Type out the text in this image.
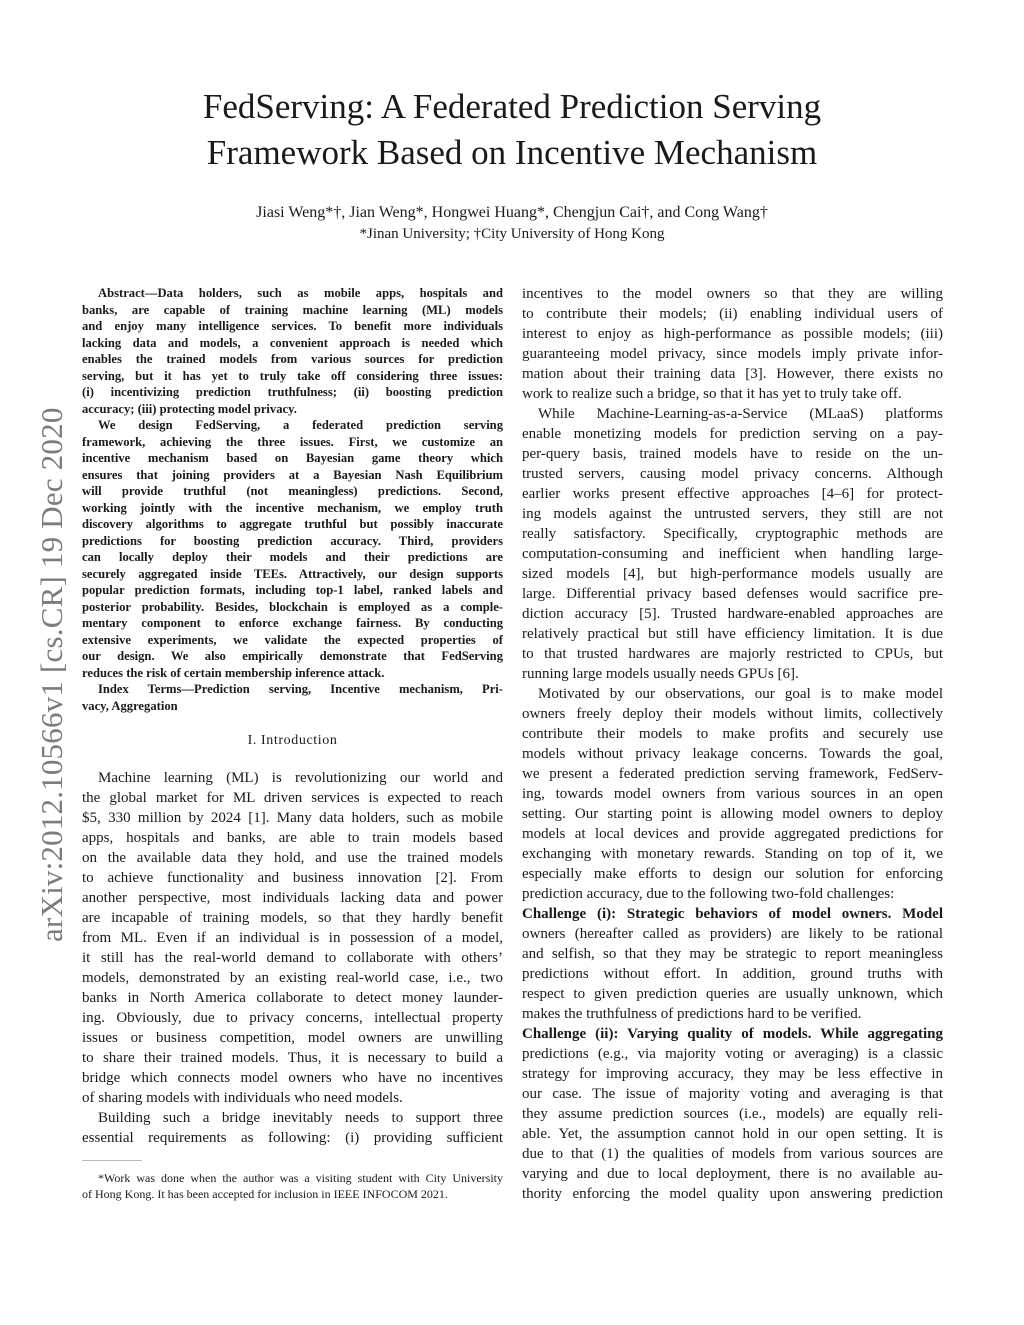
FedServing: A Federated Prediction Serving
Framework Based on Incentive Mechanism
Jiasi Weng*†, Jian Weng*, Hongwei Huang*, Chengjun Cai†, and Cong Wang†
*Jinan University; †City University of Hong Kong
arXiv:2012.10566v1 [cs.CR] 19 Dec 2020
Abstract—Data holders, such as mobile apps, hospitals and
banks, are capable of training machine learning (ML) models
and enjoy many intelligence services. To benefit more individuals
lacking data and models, a convenient approach is needed which
enables the trained models from various sources for prediction
serving, but it has yet to truly take off considering three issues:
(i) incentivizing prediction truthfulness; (ii) boosting prediction
accuracy; (iii) protecting model privacy.
We design FedServing, a federated prediction serving
framework, achieving the three issues. First, we customize an
incentive mechanism based on Bayesian game theory which
ensures that joining providers at a Bayesian Nash Equilibrium
will provide truthful (not meaningless) predictions. Second,
working jointly with the incentive mechanism, we employ truth
discovery algorithms to aggregate truthful but possibly inaccurate
predictions for boosting prediction accuracy. Third, providers
can locally deploy their models and their predictions are
securely aggregated inside TEEs. Attractively, our design supports
popular prediction formats, including top-1 label, ranked labels and
posterior probability. Besides, blockchain is employed as a comple-
mentary component to enforce exchange fairness. By conducting
extensive experiments, we validate the expected properties of
our design. We also empirically demonstrate that FedServing
reduces the risk of certain membership inference attack.
Index Terms—Prediction serving, Incentive mechanism, Pri-
vacy, Aggregation
I. Introduction
Machine learning (ML) is revolutionizing our world and
the global market for ML driven services is expected to reach
$5, 330 million by 2024 [1]. Many data holders, such as mobile
apps, hospitals and banks, are able to train models based
on the available data they hold, and use the trained models
to achieve functionality and business innovation [2]. From
another perspective, most individuals lacking data and power
are incapable of training models, so that they hardly benefit
from ML. Even if an individual is in possession of a model,
it still has the real-world demand to collaborate with others’
models, demonstrated by an existing real-world case, i.e., two
banks in North America collaborate to detect money launder-
ing. Obviously, due to privacy concerns, intellectual property
issues or business competition, model owners are unwilling
to share their trained models. Thus, it is necessary to build a
bridge which connects model owners who have no incentives
of sharing models with individuals who need models.
Building such a bridge inevitably needs to support three
essential requirements as following: (i) providing sufficient
*Work was done when the author was a visiting student with City University
of Hong Kong. It has been accepted for inclusion in IEEE INFOCOM 2021.
incentives to the model owners so that they are willing
to contribute their models; (ii) enabling individual users of
interest to enjoy as high-performance as possible models; (iii)
guaranteeing model privacy, since models imply private infor-
mation about their training data [3]. However, there exists no
work to realize such a bridge, so that it has yet to truly take off.
While Machine-Learning-as-a-Service (MLaaS) platforms
enable monetizing models for prediction serving on a pay-
per-query basis, trained models have to reside on the un-
trusted servers, causing model privacy concerns. Although
earlier works present effective approaches [4–6] for protect-
ing models against the untrusted servers, they still are not
really satisfactory. Specifically, cryptographic methods are
computation-consuming and inefficient when handling large-
sized models [4], but high-performance models usually are
large. Differential privacy based defenses would sacrifice pre-
diction accuracy [5]. Trusted hardware-enabled approaches are
relatively practical but still have efficiency limitation. It is due
to that trusted hardwares are majorly restricted to CPUs, but
running large models usually needs GPUs [6].
Motivated by our observations, our goal is to make model
owners freely deploy their models without limits, collectively
contribute their models to make profits and securely use
models without privacy leakage concerns. Towards the goal,
we present a federated prediction serving framework, FedServ-
ing, towards model owners from various sources in an open
setting. Our starting point is allowing model owners to deploy
models at local devices and provide aggregated predictions for
exchanging with monetary rewards. Standing on top of it, we
especially make efforts to design our solution for enforcing
prediction accuracy, due to the following two-fold challenges:
Challenge (i): Strategic behaviors of model owners. Model
owners (hereafter called as providers) are likely to be rational
and selfish, so that they may be strategic to report meaningless
predictions without effort. In addition, ground truths with
respect to given prediction queries are usually unknown, which
makes the truthfulness of predictions hard to be verified.
Challenge (ii): Varying quality of models. While aggregating
predictions (e.g., via majority voting or averaging) is a classic
strategy for improving accuracy, they may be less effective in
our case. The issue of majority voting and averaging is that
they assume prediction sources (i.e., models) are equally reli-
able. Yet, the assumption cannot hold in our open setting. It is
due to that (1) the qualities of models from various sources are
varying and due to local deployment, there is no available au-
thority enforcing the model quality upon answering prediction
